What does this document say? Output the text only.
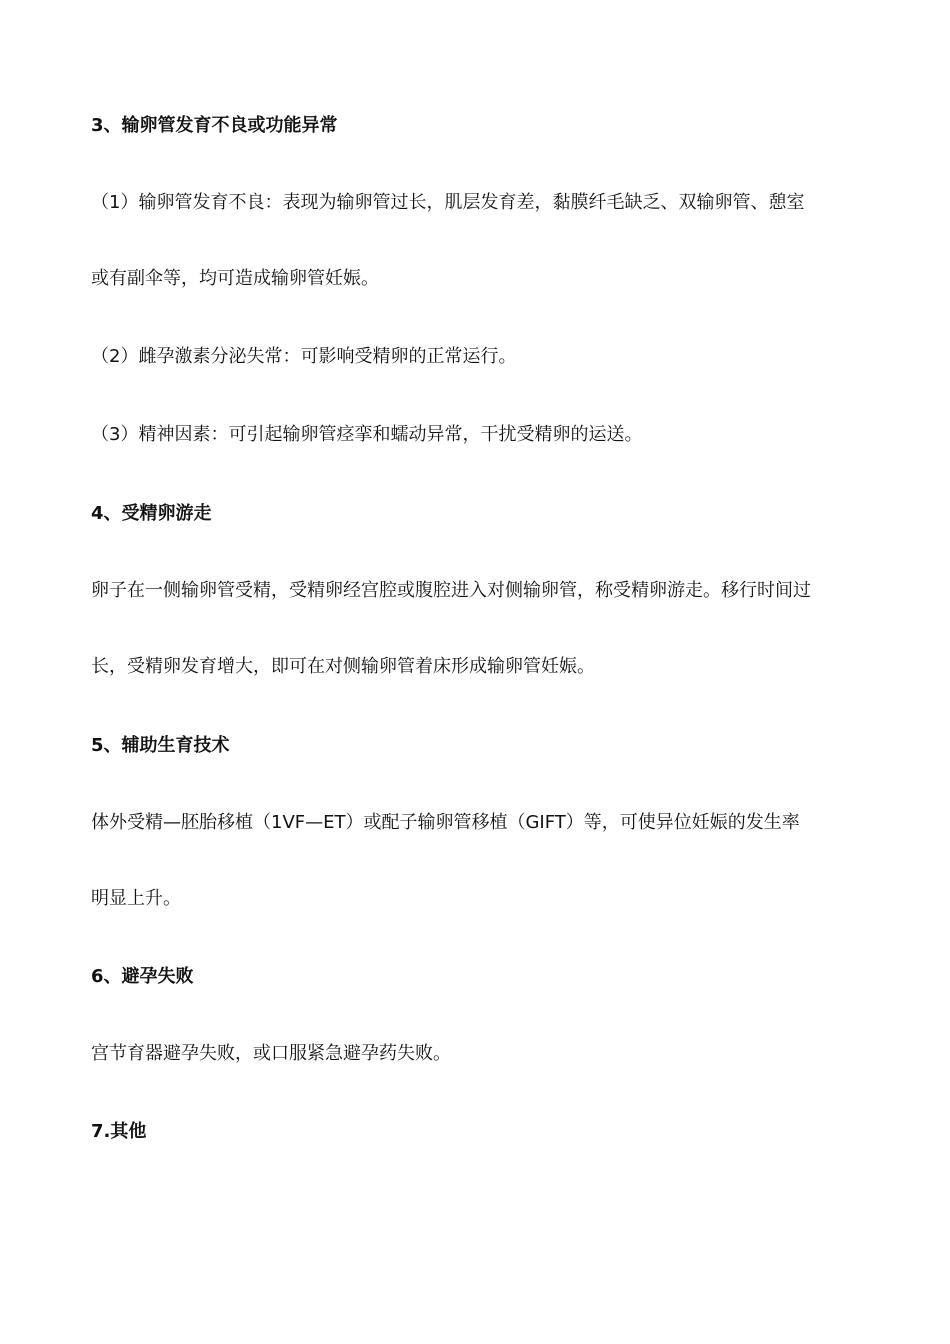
3、输卵管发育不良或功能异常
（1）输卵管发育不良：表现为输卵管过长，肌层发育差，黏膜纤毛缺乏、双输卵管、憩室
或有副伞等，均可造成输卵管妊娠。
（2）雌孕激素分泌失常：可影响受精卵的正常运行。
（3）精神因素：可引起输卵管痉挛和蠕动异常，干扰受精卵的运送。
4、受精卵游走
卵子在一侧输卵管受精，受精卵经宫腔或腹腔进入对侧输卵管，称受精卵游走。移行时间过
长，受精卵发育增大，即可在对侧输卵管着床形成输卵管妊娠。
5、辅助生育技术
体外受精—胚胎移植（1VF—ET）或配子输卵管移植（GIFT）等，可使异位妊娠的发生率
明显上升。
6、避孕失败
宫节育器避孕失败，或口服紧急避孕药失败。
7.其他
